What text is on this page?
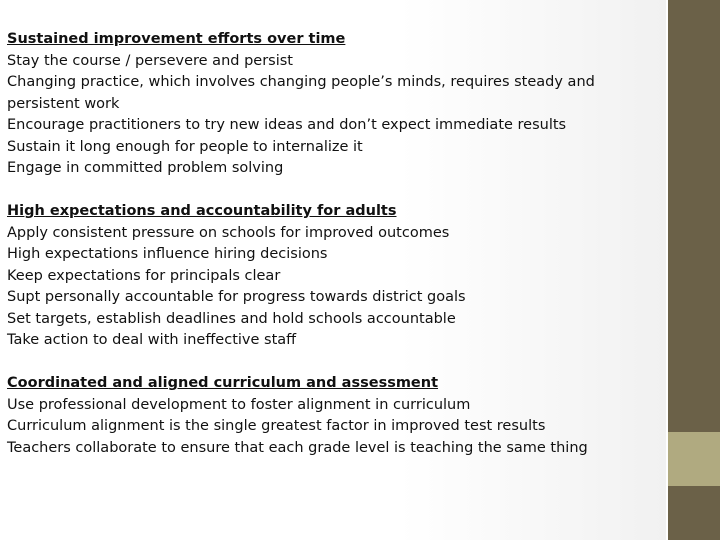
Sustained improvement efforts over time
Stay the course / persevere and persist
Changing practice, which involves changing people’s minds, requires steady and
persistent work
Encourage practitioners to try new ideas and don’t expect immediate results
Sustain it long enough for people to internalize it
Engage in committed problem solving
High expectations and accountability for adults
Apply consistent pressure on schools for improved outcomes
High expectations influence hiring decisions
Keep expectations for principals clear
Supt personally accountable for progress towards district goals
Set targets, establish deadlines and hold schools accountable
Take action to deal with ineffective staff
Coordinated and aligned curriculum and assessment
Use professional development to foster alignment in curriculum
Curriculum alignment is the single greatest factor in improved test results
Teachers collaborate to ensure that each grade level is teaching the same thing
